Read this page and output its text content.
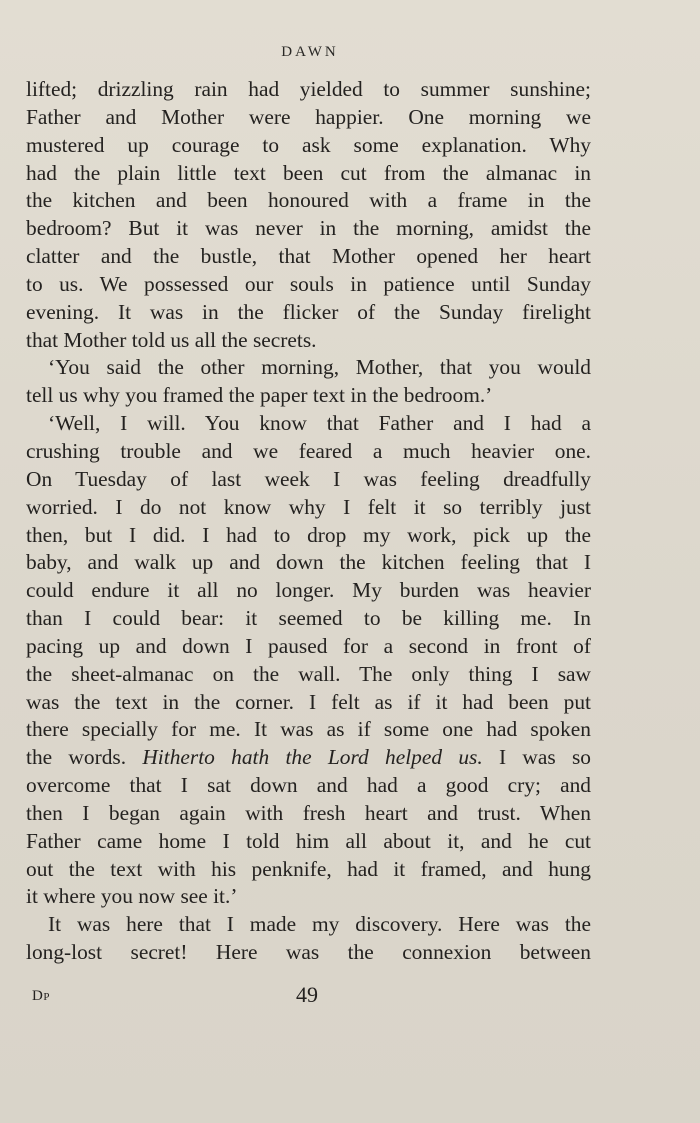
DAWN
lifted; drizzling rain had yielded to summer sunshine;
Father and Mother were happier. One morning we
mustered up courage to ask some explanation. Why
had the plain little text been cut from the almanac in
the kitchen and been honoured with a frame in the
bedroom? But it was never in the morning, amidst the
clatter and the bustle, that Mother opened her heart
to us. We possessed our souls in patience until Sunday
evening. It was in the flicker of the Sunday firelight
that Mother told us all the secrets.
‘You said the other morning, Mother, that you would
tell us why you framed the paper text in the bedroom.’
‘Well, I will. You know that Father and I had a
crushing trouble and we feared a much heavier one.
On Tuesday of last week I was feeling dreadfully
worried. I do not know why I felt it so terribly just
then, but I did. I had to drop my work, pick up the
baby, and walk up and down the kitchen feeling that I
could endure it all no longer. My burden was heavier
than I could bear: it seemed to be killing me. In
pacing up and down I paused for a second in front of
the sheet-almanac on the wall. The only thing I saw
was the text in the corner. I felt as if it had been put
there specially for me. It was as if some one had spoken
the words. Hitherto hath the Lord helped us. I was so
overcome that I sat down and had a good cry; and
then I began again with fresh heart and trust. When
Father came home I told him all about it, and he cut
out the text with his penknife, had it framed, and hung
it where you now see it.’
It was here that I made my discovery. Here was the
long-lost secret! Here was the connexion between
Dp	49
